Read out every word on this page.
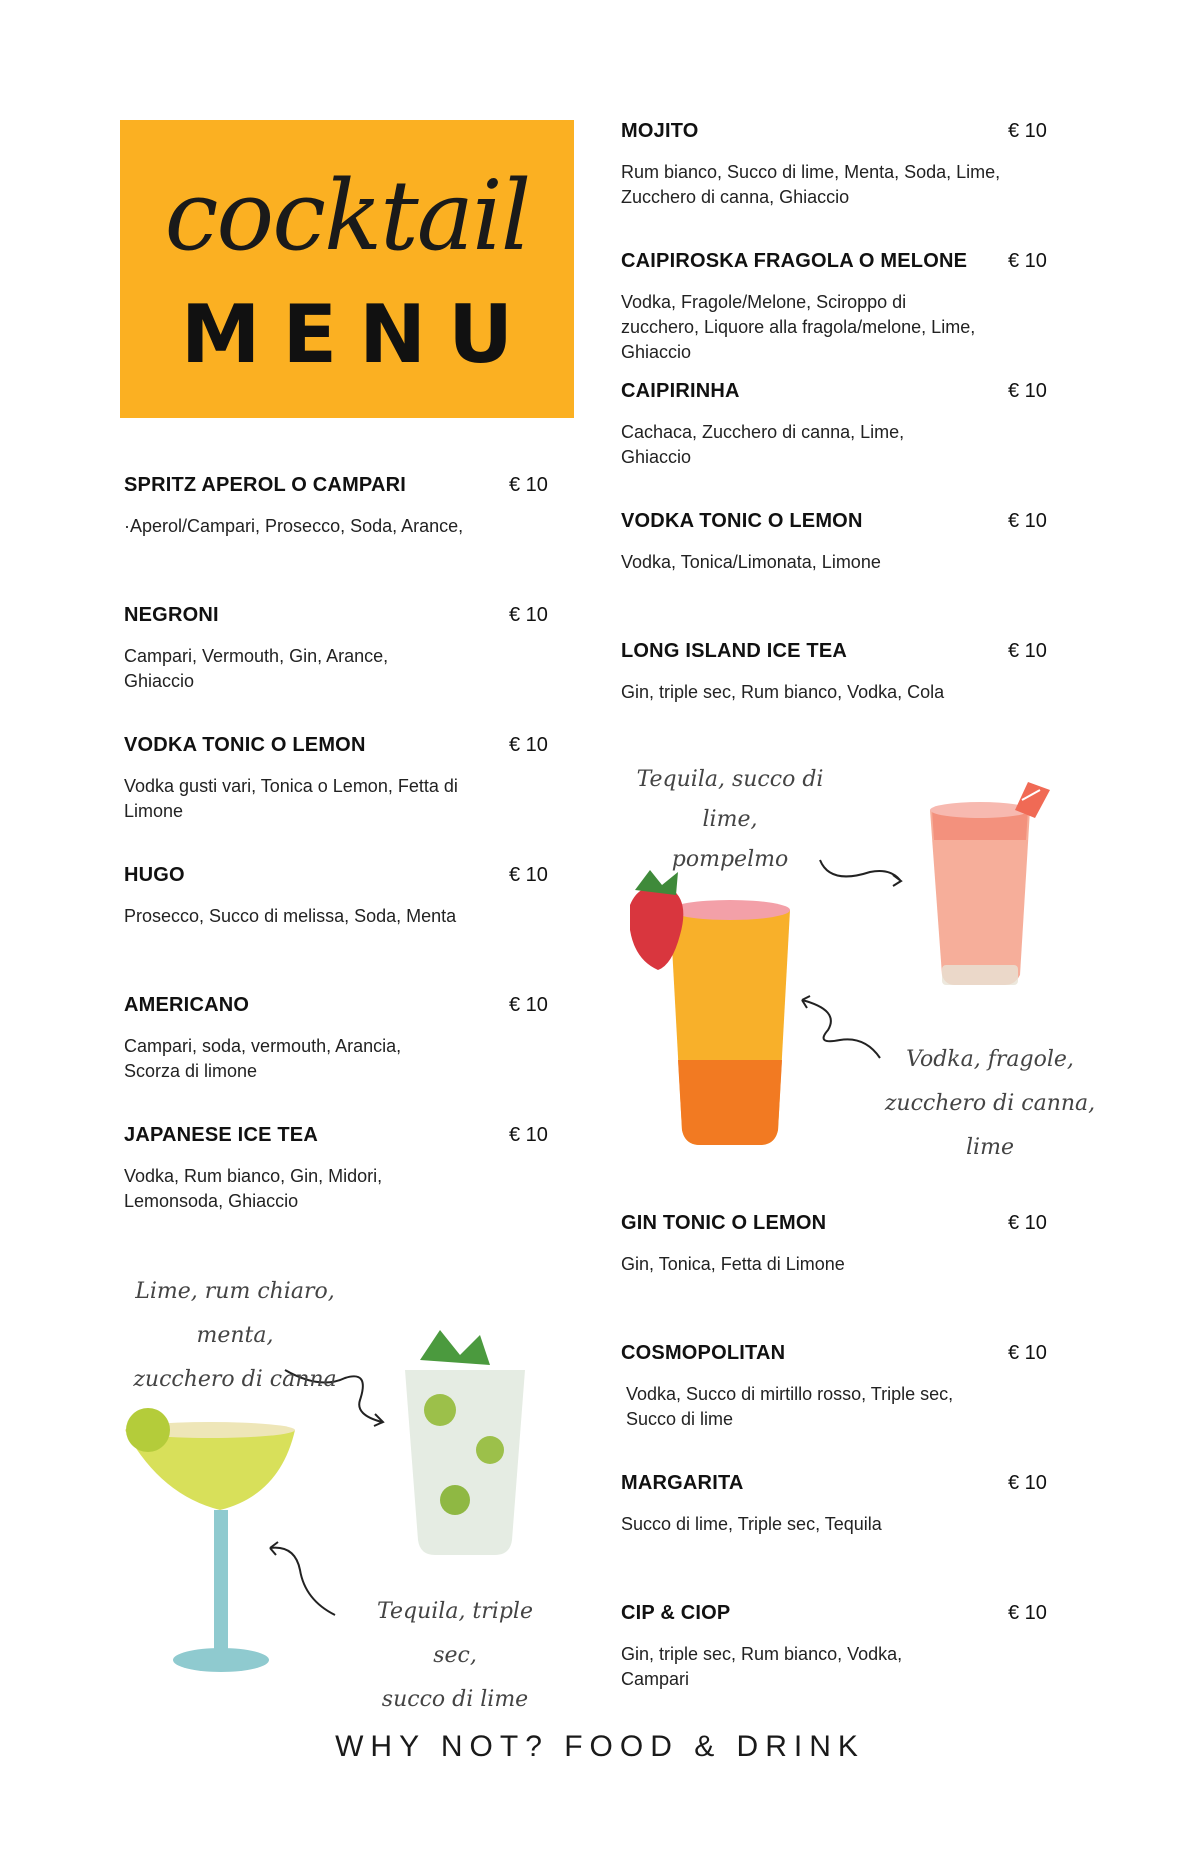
cocktail
MENU
SPRITZ APEROL O CAMPARI	€ 10
·Aperol/Campari, Prosecco, Soda, Arance,
NEGRONI	€ 10
Campari, Vermouth, Gin, Arance, Ghiaccio
VODKA TONIC O LEMON	€ 10
Vodka gusti vari, Tonica o Lemon, Fetta di Limone
HUGO	€ 10
Prosecco, Succo di melissa, Soda, Menta
AMERICANO	€ 10
Campari, soda, vermouth, Arancia, Scorza di limone
JAPANESE ICE TEA	€ 10
Vodka, Rum bianco, Gin, Midori, Lemonsoda, Ghiaccio
MOJITO	€ 10
Rum bianco, Succo di lime, Menta, Soda, Lime, Zucchero di canna, Ghiaccio
CAIPIROSKA FRAGOLA O MELONE € 10
Vodka, Fragole/Melone, Sciroppo di zucchero, Liquore alla fragola/melone, Lime, Ghiaccio
CAIPIRINHA	€ 10
Cachaca, Zucchero di canna, Lime, Ghiaccio
VODKA TONIC O LEMON	€ 10
Vodka, Tonica/Limonata, Limone
LONG ISLAND ICE TEA	€ 10
Gin, triple sec, Rum bianco, Vodka, Cola
GIN TONIC O LEMON	€ 10
Gin, Tonica, Fetta di Limone
COSMOPOLITAN	€ 10
Vodka, Succo di mirtillo rosso, Triple sec, Succo di lime
MARGARITA	€ 10
Succo di lime, Triple sec, Tequila
CIP & CIOP	€ 10
Gin, triple sec, Rum bianco, Vodka, Campari
Tequila, succo di lime,
pompelmo
Vodka, fragole,
zucchero di canna,
lime
Lime, rum chiaro, menta,
zucchero di canna
Tequila, triple sec,
succo di lime
WHY NOT? FOOD & DRINK
